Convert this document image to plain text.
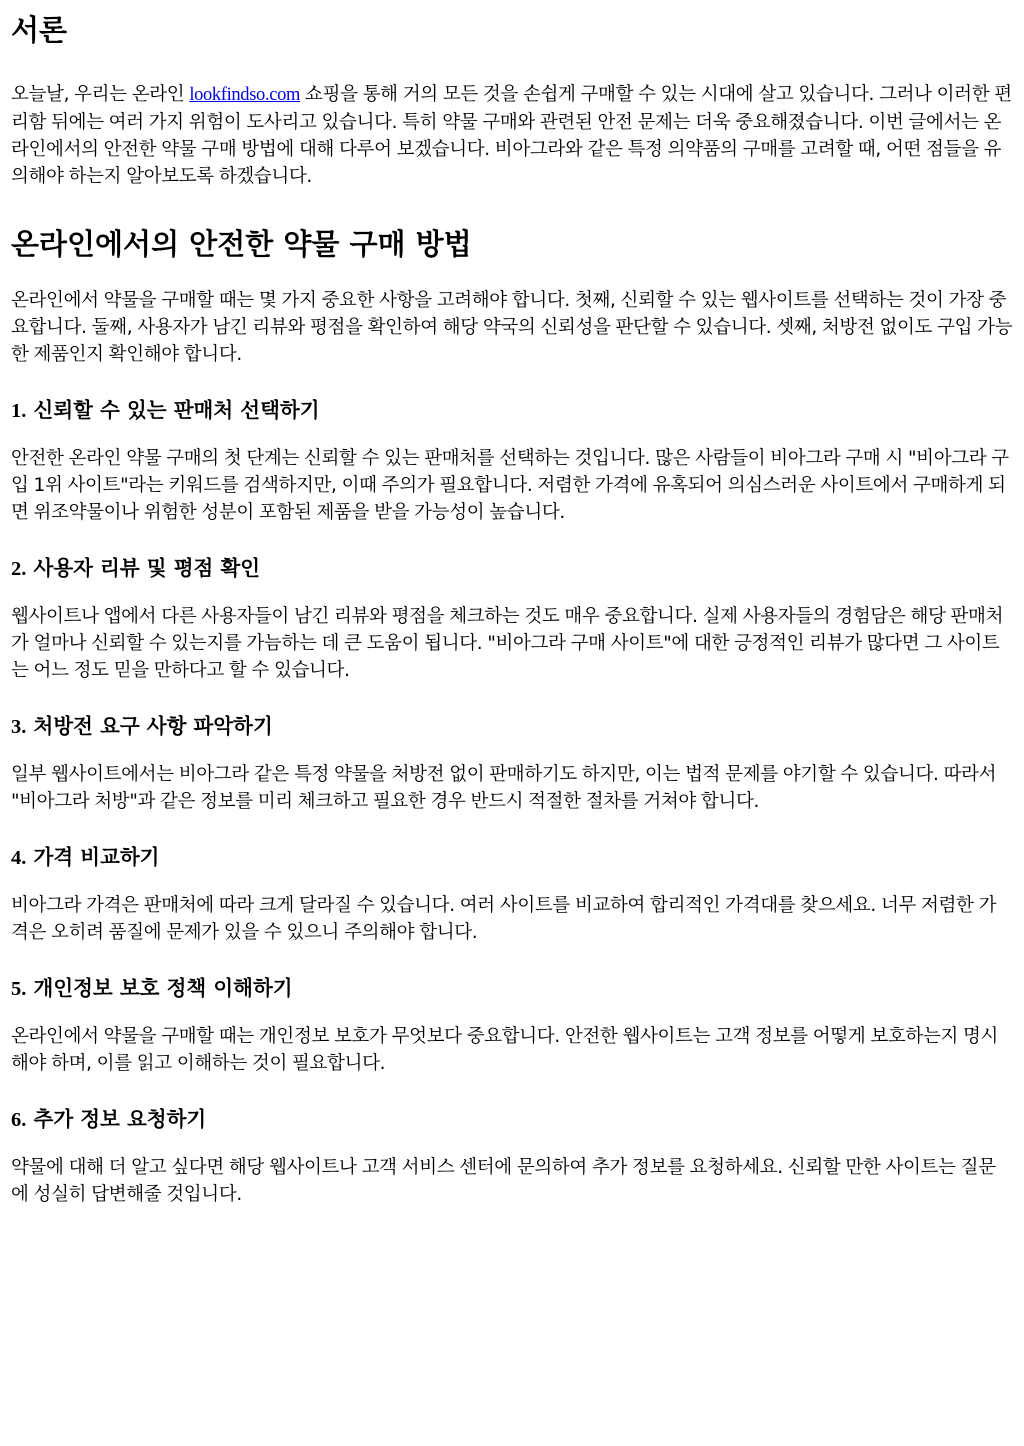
서론

오늘날, 우리는 온라인 lookfindso.com 쇼핑을 통해 거의 모든 것을 손쉽게 구매할 수 있는 시대에 살고 있습니다. 그러나 이러한 편리함 뒤에는 여러 가지 위험이 도사리고 있습니다. 특히 약물 구매와 관련된 안전 문제는 더욱 중요해졌습니다. 이번 글에서는 온라인에서의 안전한 약물 구매 방법에 대해 다루어 보겠습니다. 비아그라와 같은 특정 의약품의 구매를 고려할 때, 어떤 점들을 유의해야 하는지 알아보도록 하겠습니다.

온라인에서의 안전한 약물 구매 방법

온라인에서 약물을 구매할 때는 몇 가지 중요한 사항을 고려해야 합니다. 첫째, 신뢰할 수 있는 웹사이트를 선택하는 것이 가장 중요합니다. 둘째, 사용자가 남긴 리뷰와 평점을 확인하여 해당 약국의 신뢰성을 판단할 수 있습니다. 셋째, 처방전 없이도 구입 가능한 제품인지 확인해야 합니다.

1. 신뢰할 수 있는 판매처 선택하기

안전한 온라인 약물 구매의 첫 단계는 신뢰할 수 있는 판매처를 선택하는 것입니다. 많은 사람들이 비아그라 구매 시 "비아그라 구입 1위 사이트"라는 키워드를 검색하지만, 이때 주의가 필요합니다. 저렴한 가격에 유혹되어 의심스러운 사이트에서 구매하게 되면 위조약물이나 위험한 성분이 포함된 제품을 받을 가능성이 높습니다.

2. 사용자 리뷰 및 평점 확인

웹사이트나 앱에서 다른 사용자들이 남긴 리뷰와 평점을 체크하는 것도 매우 중요합니다. 실제 사용자들의 경험담은 해당 판매처가 얼마나 신뢰할 수 있는지를 가늠하는 데 큰 도움이 됩니다. "비아그라 구매 사이트"에 대한 긍정적인 리뷰가 많다면 그 사이트는 어느 정도 믿을 만하다고 할 수 있습니다.

3. 처방전 요구 사항 파악하기

일부 웹사이트에서는 비아그라 같은 특정 약물을 처방전 없이 판매하기도 하지만, 이는 법적 문제를 야기할 수 있습니다. 따라서 "비아그라 처방"과 같은 정보를 미리 체크하고 필요한 경우 반드시 적절한 절차를 거쳐야 합니다.

4. 가격 비교하기

비아그라 가격은 판매처에 따라 크게 달라질 수 있습니다. 여러 사이트를 비교하여 합리적인 가격대를 찾으세요. 너무 저렴한 가격은 오히려 품질에 문제가 있을 수 있으니 주의해야 합니다.

5. 개인정보 보호 정책 이해하기

온라인에서 약물을 구매할 때는 개인정보 보호가 무엇보다 중요합니다. 안전한 웹사이트는 고객 정보를 어떻게 보호하는지 명시해야 하며, 이를 읽고 이해하는 것이 필요합니다.

6. 추가 정보 요청하기

약물에 대해 더 알고 싶다면 해당 웹사이트나 고객 서비스 센터에 문의하여 추가 정보를 요청하세요. 신뢰할 만한 사이트는 질문에 성실히 답변해줄 것입니다.
